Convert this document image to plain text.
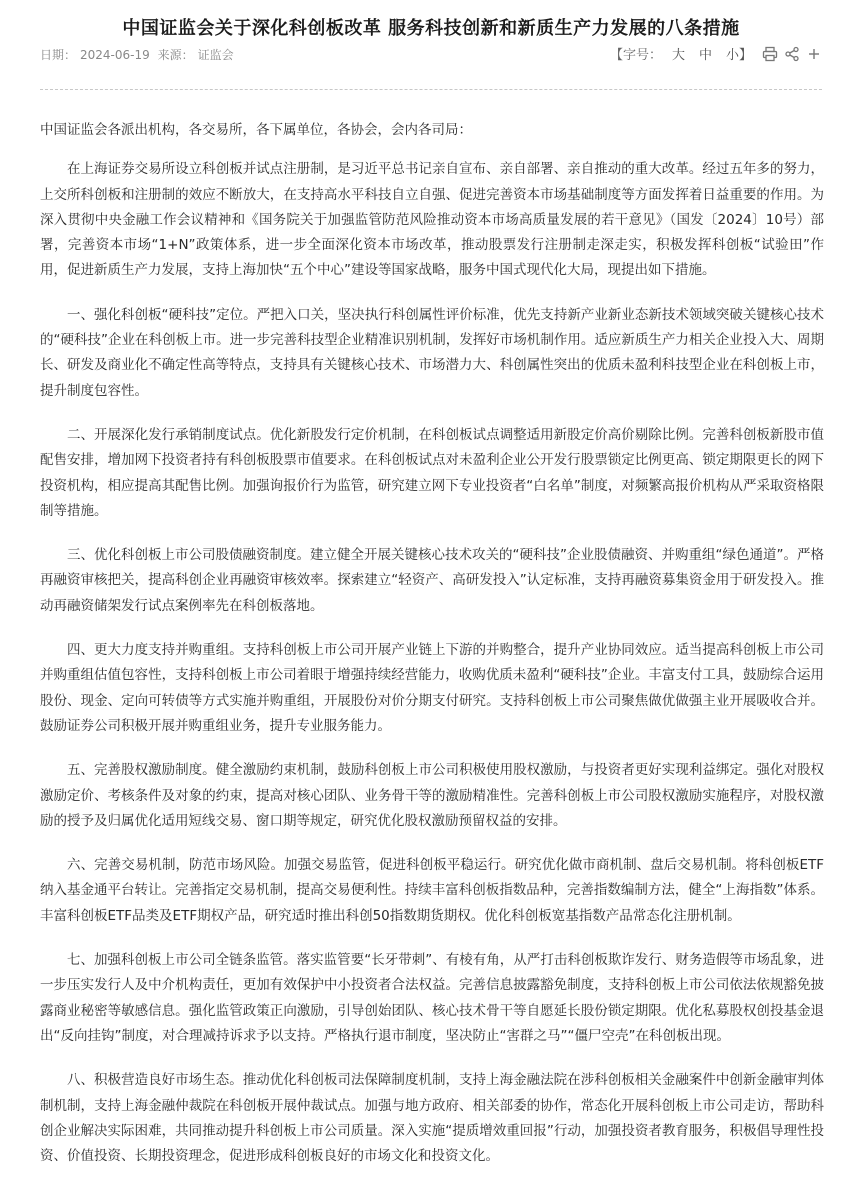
中国证监会关于深化科创板改革 服务科技创新和新质生产力发展的八条措施
日期： 2024-06-19 来源： 证监会	【字号： 大	中	小】

中国证监会各派出机构，各交易所，各下属单位，各协会，会内各司局：

在上海证券交易所设立科创板并试点注册制，是习近平总书记亲自宣布、亲自部署、亲自推动的重大改革。经过五年多的努力，上交所科创板和注册制的效应不断放大，在支持高水平科技自立自强、促进完善资本市场基础制度等方面发挥着日益重要的作用。为深入贯彻中央金融工作会议精神和《国务院关于加强监管防范风险推动资本市场高质量发展的若干意见》（国发〔2024〕10号）部署，完善资本市场“1+N”政策体系，进一步全面深化资本市场改革，推动股票发行注册制走深走实，积极发挥科创板“试验田”作用，促进新质生产力发展，支持上海加快“五个中心”建设等国家战略，服务中国式现代化大局，现提出如下措施。

一、强化科创板“硬科技”定位。严把入口关，坚决执行科创属性评价标准，优先支持新产业新业态新技术领域突破关键核心技术的“硬科技”企业在科创板上市。进一步完善科技型企业精准识别机制，发挥好市场机制作用。适应新质生产力相关企业投入大、周期长、研发及商业化不确定性高等特点，支持具有关键核心技术、市场潜力大、科创属性突出的优质未盈利科技型企业在科创板上市，提升制度包容性。

二、开展深化发行承销制度试点。优化新股发行定价机制，在科创板试点调整适用新股定价高价剔除比例。完善科创板新股市值配售安排，增加网下投资者持有科创板股票市值要求。在科创板试点对未盈利企业公开发行股票锁定比例更高、锁定期限更长的网下投资机构，相应提高其配售比例。加强询报价行为监管，研究建立网下专业投资者“白名单”制度，对频繁高报价机构从严采取资格限制等措施。

三、优化科创板上市公司股债融资制度。建立健全开展关键核心技术攻关的“硬科技”企业股债融资、并购重组“绿色通道”。严格再融资审核把关，提高科创企业再融资审核效率。探索建立“轻资产、高研发投入”认定标准，支持再融资募集资金用于研发投入。推动再融资储架发行试点案例率先在科创板落地。

四、更大力度支持并购重组。支持科创板上市公司开展产业链上下游的并购整合，提升产业协同效应。适当提高科创板上市公司并购重组估值包容性，支持科创板上市公司着眼于增强持续经营能力，收购优质未盈利“硬科技”企业。丰富支付工具，鼓励综合运用股份、现金、定向可转债等方式实施并购重组，开展股份对价分期支付研究。支持科创板上市公司聚焦做优做强主业开展吸收合并。鼓励证券公司积极开展并购重组业务，提升专业服务能力。

五、完善股权激励制度。健全激励约束机制，鼓励科创板上市公司积极使用股权激励，与投资者更好实现利益绑定。强化对股权激励定价、考核条件及对象的约束，提高对核心团队、业务骨干等的激励精准性。完善科创板上市公司股权激励实施程序，对股权激励的授予及归属优化适用短线交易、窗口期等规定，研究优化股权激励预留权益的安排。

六、完善交易机制，防范市场风险。加强交易监管，促进科创板平稳运行。研究优化做市商机制、盘后交易机制。将科创板ETF纳入基金通平台转让。完善指定交易机制，提高交易便利性。持续丰富科创板指数品种，完善指数编制方法，健全“上海指数”体系。丰富科创板ETF品类及ETF期权产品，研究适时推出科创50指数期货期权。优化科创板宽基指数产品常态化注册机制。

七、加强科创板上市公司全链条监管。落实监管要“长牙带刺”、有棱有角，从严打击科创板欺诈发行、财务造假等市场乱象，进一步压实发行人及中介机构责任，更加有效保护中小投资者合法权益。完善信息披露豁免制度，支持科创板上市公司依法依规豁免披露商业秘密等敏感信息。强化监管政策正向激励，引导创始团队、核心技术骨干等自愿延长股份锁定期限。优化私募股权创投基金退出“反向挂钩”制度，对合理减持诉求予以支持。严格执行退市制度，坚决防止“害群之马”“僵尸空壳”在科创板出现。

八、积极营造良好市场生态。推动优化科创板司法保障制度机制，支持上海金融法院在涉科创板相关金融案件中创新金融审判体制机制，支持上海金融仲裁院在科创板开展仲裁试点。加强与地方政府、相关部委的协作，常态化开展科创板上市公司走访，帮助科创企业解决实际困难，共同推动提升科创板上市公司质量。深入实施“提质增效重回报”行动，加强投资者教育服务，积极倡导理性投资、价值投资、长期投资理念，促进形成科创板良好的市场文化和投资文化。
